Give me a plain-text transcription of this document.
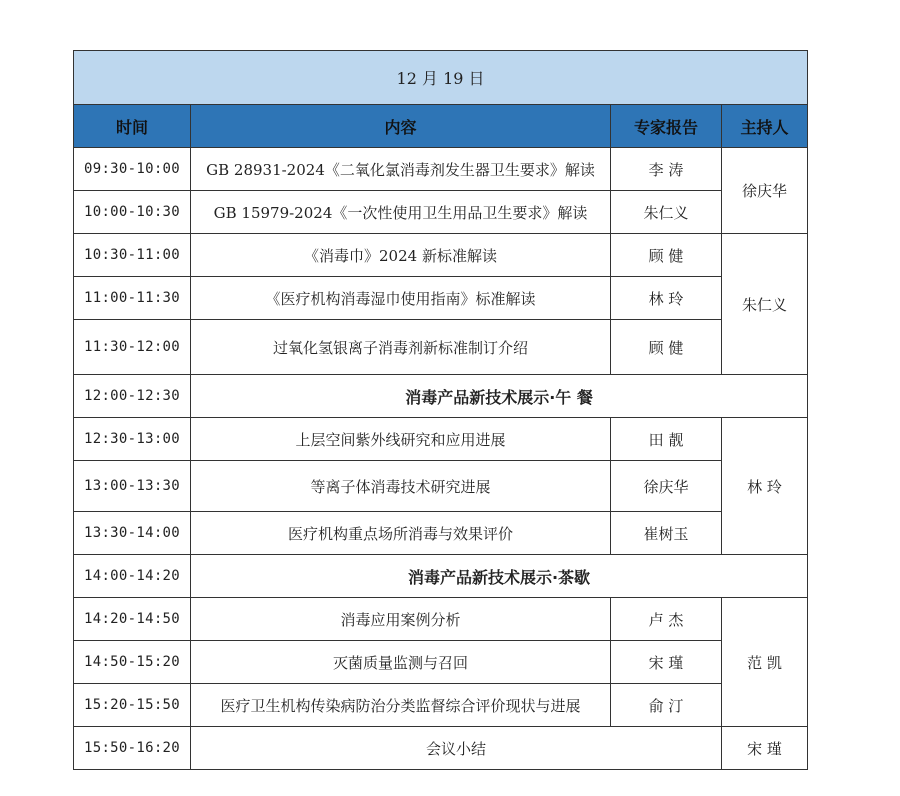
12 月 19 日			
时间	内容	专家报告	主持人
09:30-10:00	GB 28931-2024《二氧化氯消毒剂发生器卫生要求》解读	李 涛	徐庆华
10:00-10:30	GB 15979-2024《一次性使用卫生用品卫生要求》解读	朱仁义	
10:30-11:00	《消毒巾》2024 新标准解读	顾 健	朱仁义
11:00-11:30	《医疗机构消毒湿巾使用指南》标准解读	林 玲	
11:30-12:00	过氧化氢银离子消毒剂新标准制订介绍	顾 健	
12:00-12:30	消毒产品新技术展示·午 餐		
12:30-13:00	上层空间紫外线研究和应用进展	田 靓	林 玲
13:00-13:30	等离子体消毒技术研究进展	徐庆华	
13:30-14:00	医疗机构重点场所消毒与效果评价	崔树玉	
14:00-14:20	消毒产品新技术展示·茶歇		
14:20-14:50	消毒应用案例分析	卢 杰	范 凯
14:50-15:20	灭菌质量监测与召回	宋 瑾	
15:20-15:50	医疗卫生机构传染病防治分类监督综合评价现状与进展	俞 汀	
15:50-16:20	会议小结		宋 瑾
